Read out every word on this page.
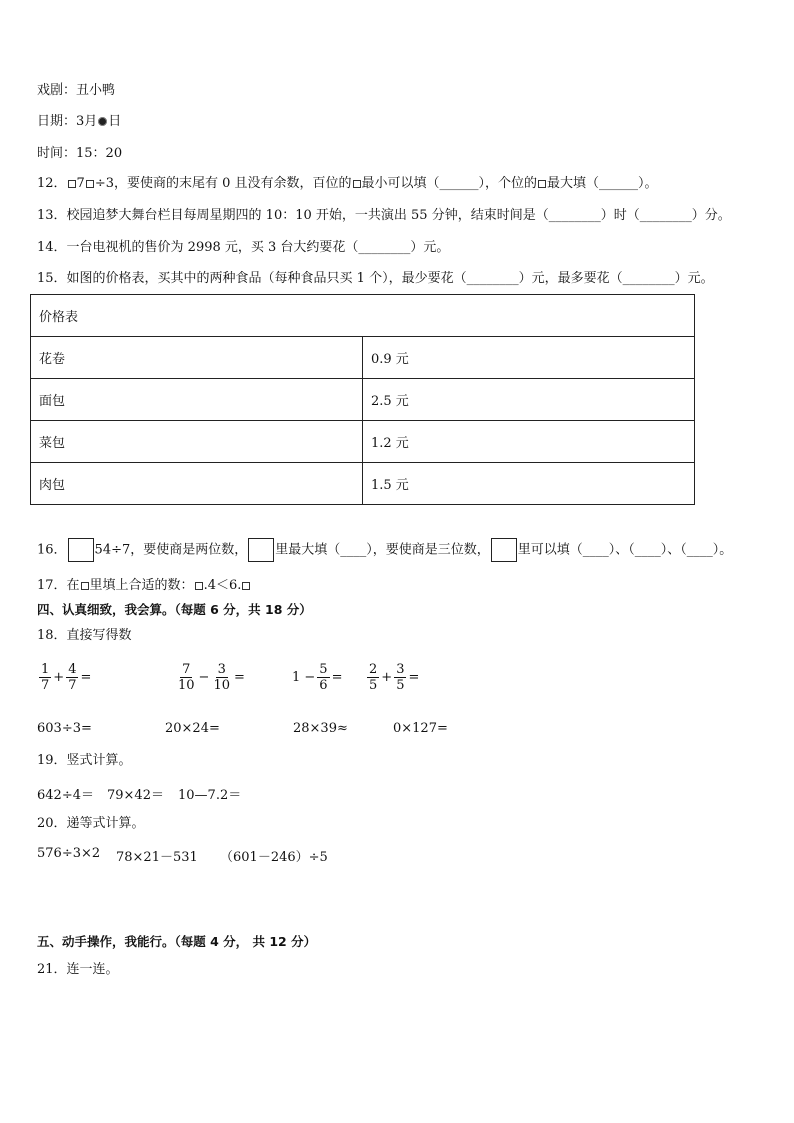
戏剧：丑小鸭
日期：3月 日
时间：15：20
12． 7 ÷3，要使商的末尾有 0 且没有余数，百位的 最小可以填（______），个位的 最大填（______）。
13．校园追梦大舞台栏目每周星期四的 10：10 开始，一共演出 55 分钟，结束时间是（________）时（________）分。
14．一台电视机的售价为 2998 元，买 3 台大约要花（________）元。
15．如图的价格表，买其中的两种食品（每种食品只买 1 个），最少要花（________）元，最多要花（________）元。
价格表	
花卷	0.9 元
面包	2.5 元
菜包	1.2 元
肉包	1.5 元
16． 54÷7，要使商是两位数， 里最大填（____），要使商是三位数， 里可以填（____）、（____）、（____）。
17．在 里填上合适的数： .4＜6.
四、认真细致，我会算。（每题 6 分，共 18 分）
18．直接写得数
$\frac{1}{7} + \frac{4}{7}$ =	$\frac{7}{10} - \frac{3}{10}$ =	$1 - \frac{5}{6} = \frac{2}{5} + \frac{3}{5}$ =
603÷3=	20×24=	28×39≈	0×127=
19．竖式计算。
642÷4＝ 79×42＝ 10—7.2＝
20．递等式计算。
576÷3×2 78×21－531 （601－246）÷5
五、动手操作，我能行。（每题 4 分， 共 12 分）
21．连一连。
